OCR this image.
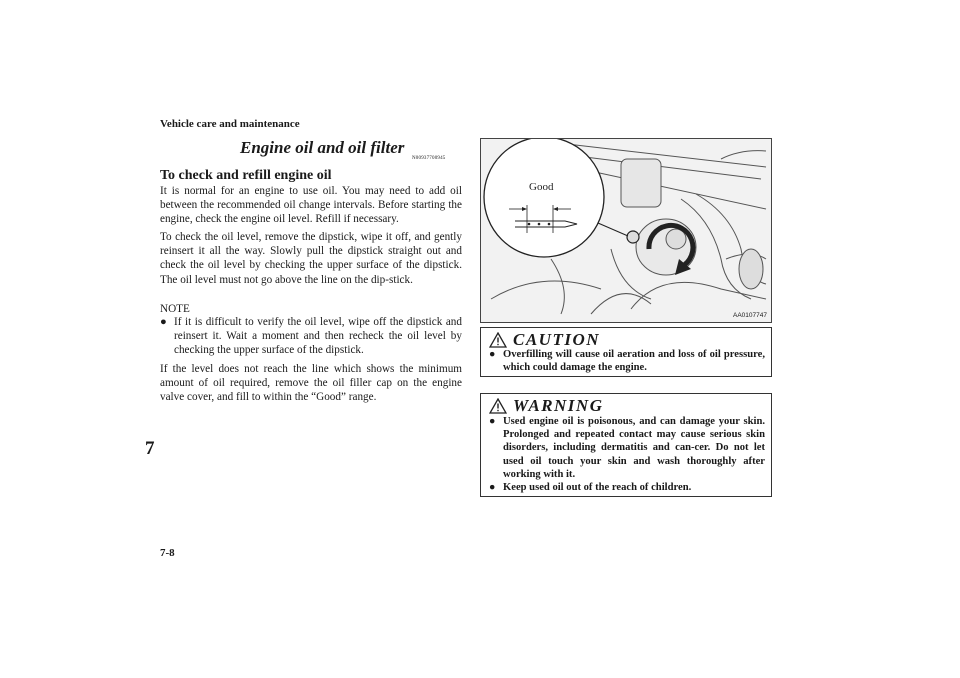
Vehicle care and maintenance
Engine oil and oil filter
N00937700945
To check and refill engine oil
It is normal for an engine to use oil. You may need to add oil between the recommended oil change intervals. Before starting the engine, check the engine oil level. Refill if necessary.
To check the oil level, remove the dipstick, wipe it off, and gently reinsert it all the way. Slowly pull the dipstick straight out and check the oil level by checking the upper surface of the dipstick. The oil level must not go above the line on the dip-stick.
NOTE
● If it is difficult to verify the oil level, wipe off the dipstick and reinsert it. Wait a moment and then recheck the oil level by checking the upper surface of the dipstick.
If the level does not reach the line which shows the minimum amount of oil required, remove the oil filler cap on the engine valve cover, and fill to within the “Good” range.
7
7-8
Good
AA0107747
CAUTION
● Overfilling will cause oil aeration and loss of oil pressure, which could damage the engine.
WARNING
● Used engine oil is poisonous, and can damage your skin. Prolonged and repeated contact may cause serious skin disorders, including dermatitis and can-cer. Do not let used oil touch your skin and wash thoroughly after working with it.
● Keep used oil out of the reach of children.
